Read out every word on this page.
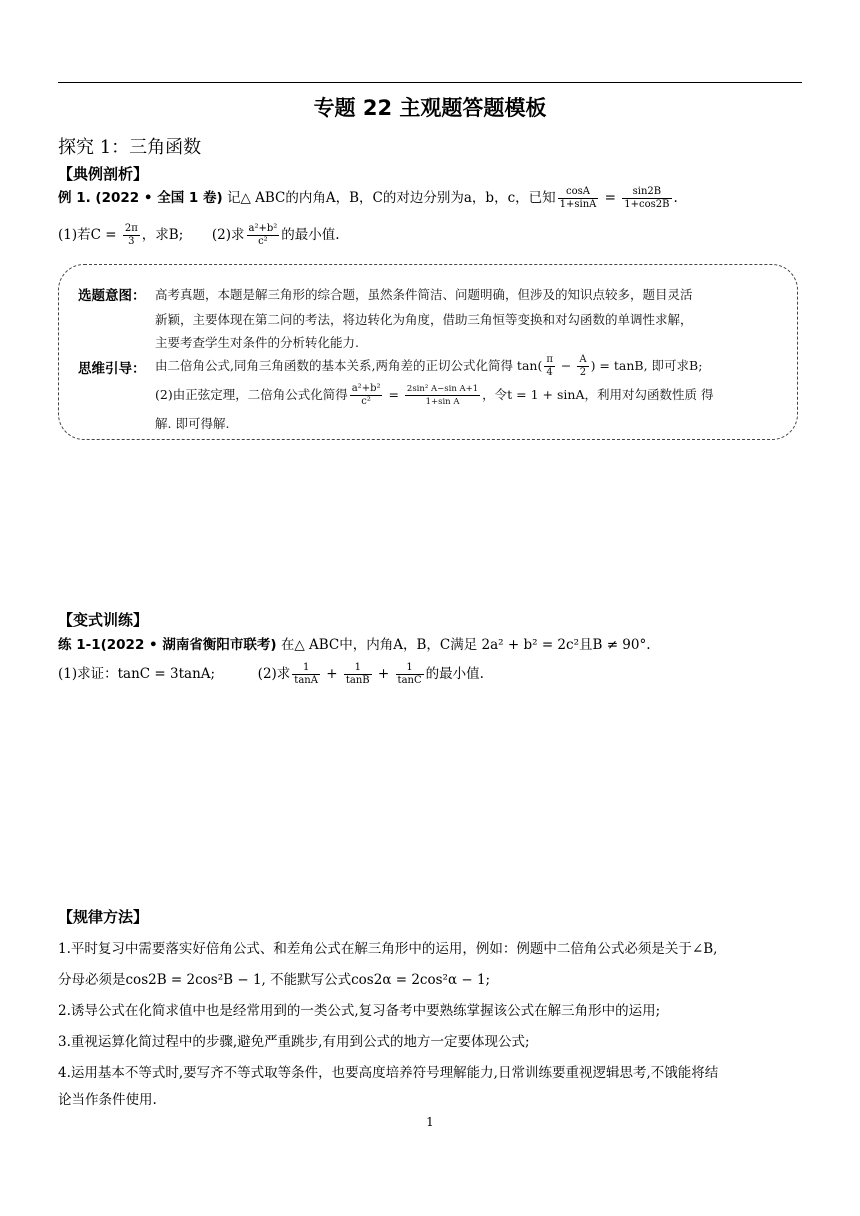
专题 22 主观题答题模板
探究 1：三角函数
【典例剖析】
例 1. (2022 • 全国 1 卷) 记△ ABC的内角A，B，C的对边分别为a，b，c，已知 $\frac{\cos A}{1+\sin A} = \frac{\sin 2B}{1+\cos 2B}$ .
(1)若$C = \frac{2\pi}{3}$ ，求B; (2)求 $\frac{\text{a²+b²}}{\text{c²}}$ 的最小值.
选题意图： 高考真题，本题是解三角形的综合题，虽然条件简洁、问题明确，但涉及的知识点较多，题目灵活
新颖，主要体现在第二问的考法，将边转化为角度，借助三角恒等变换和对勾函数的单调性求解，
主要考查学生对条件的分析转化能力.
思维引导： 由二倍角公式,同角三角函数的基本关系,两角差的正切公式化简得 $\tan( \frac{\pi}{4} - \frac{A}{2}$ ) = tanB, 即可求B;
(2)由正弦定理，二倍角公式化简得 $\frac{\text{a²+b²}}{\text{c²}} = \frac{\text{2sin² A−sin A+1}}{\text{1+sin A}}$ ，令t = 1 + sinA，利用对勾函数性质 得
解. 即可得解.
【变式训练】
练 1-1(2022 • 湖南省衡阳市联考) 在△ ABC中，内角A，B，C满足 2a² + b² = 2c²且B ≠ 90°.
(1)求证：tanC = 3tanA;	(2)求 $\frac{1}{\tan A} + \frac{1}{\tan B} + \frac{1}{\tan C}$ 的最小值.
【规律方法】
1.平时复习中需要落实好倍角公式、和差角公式在解三角形中的运用，例如：例题中二倍角公式必须是关于∠B,
分母必须是cos2B = 2cos²B − 1, 不能默写公式cos2α = 2cos²α − 1;
2.诱导公式在化简求值中也是经常用到的一类公式,复习备考中要熟练掌握该公式在解三角形中的运用;
3.重视运算化简过程中的步骤,避免严重跳步,有用到公式的地方一定要体现公式;
4.运用基本不等式时,要写齐不等式取等条件，也要高度培养符号理解能力,日常训练要重视逻辑思考,不饿能将结
论当作条件使用.
1
